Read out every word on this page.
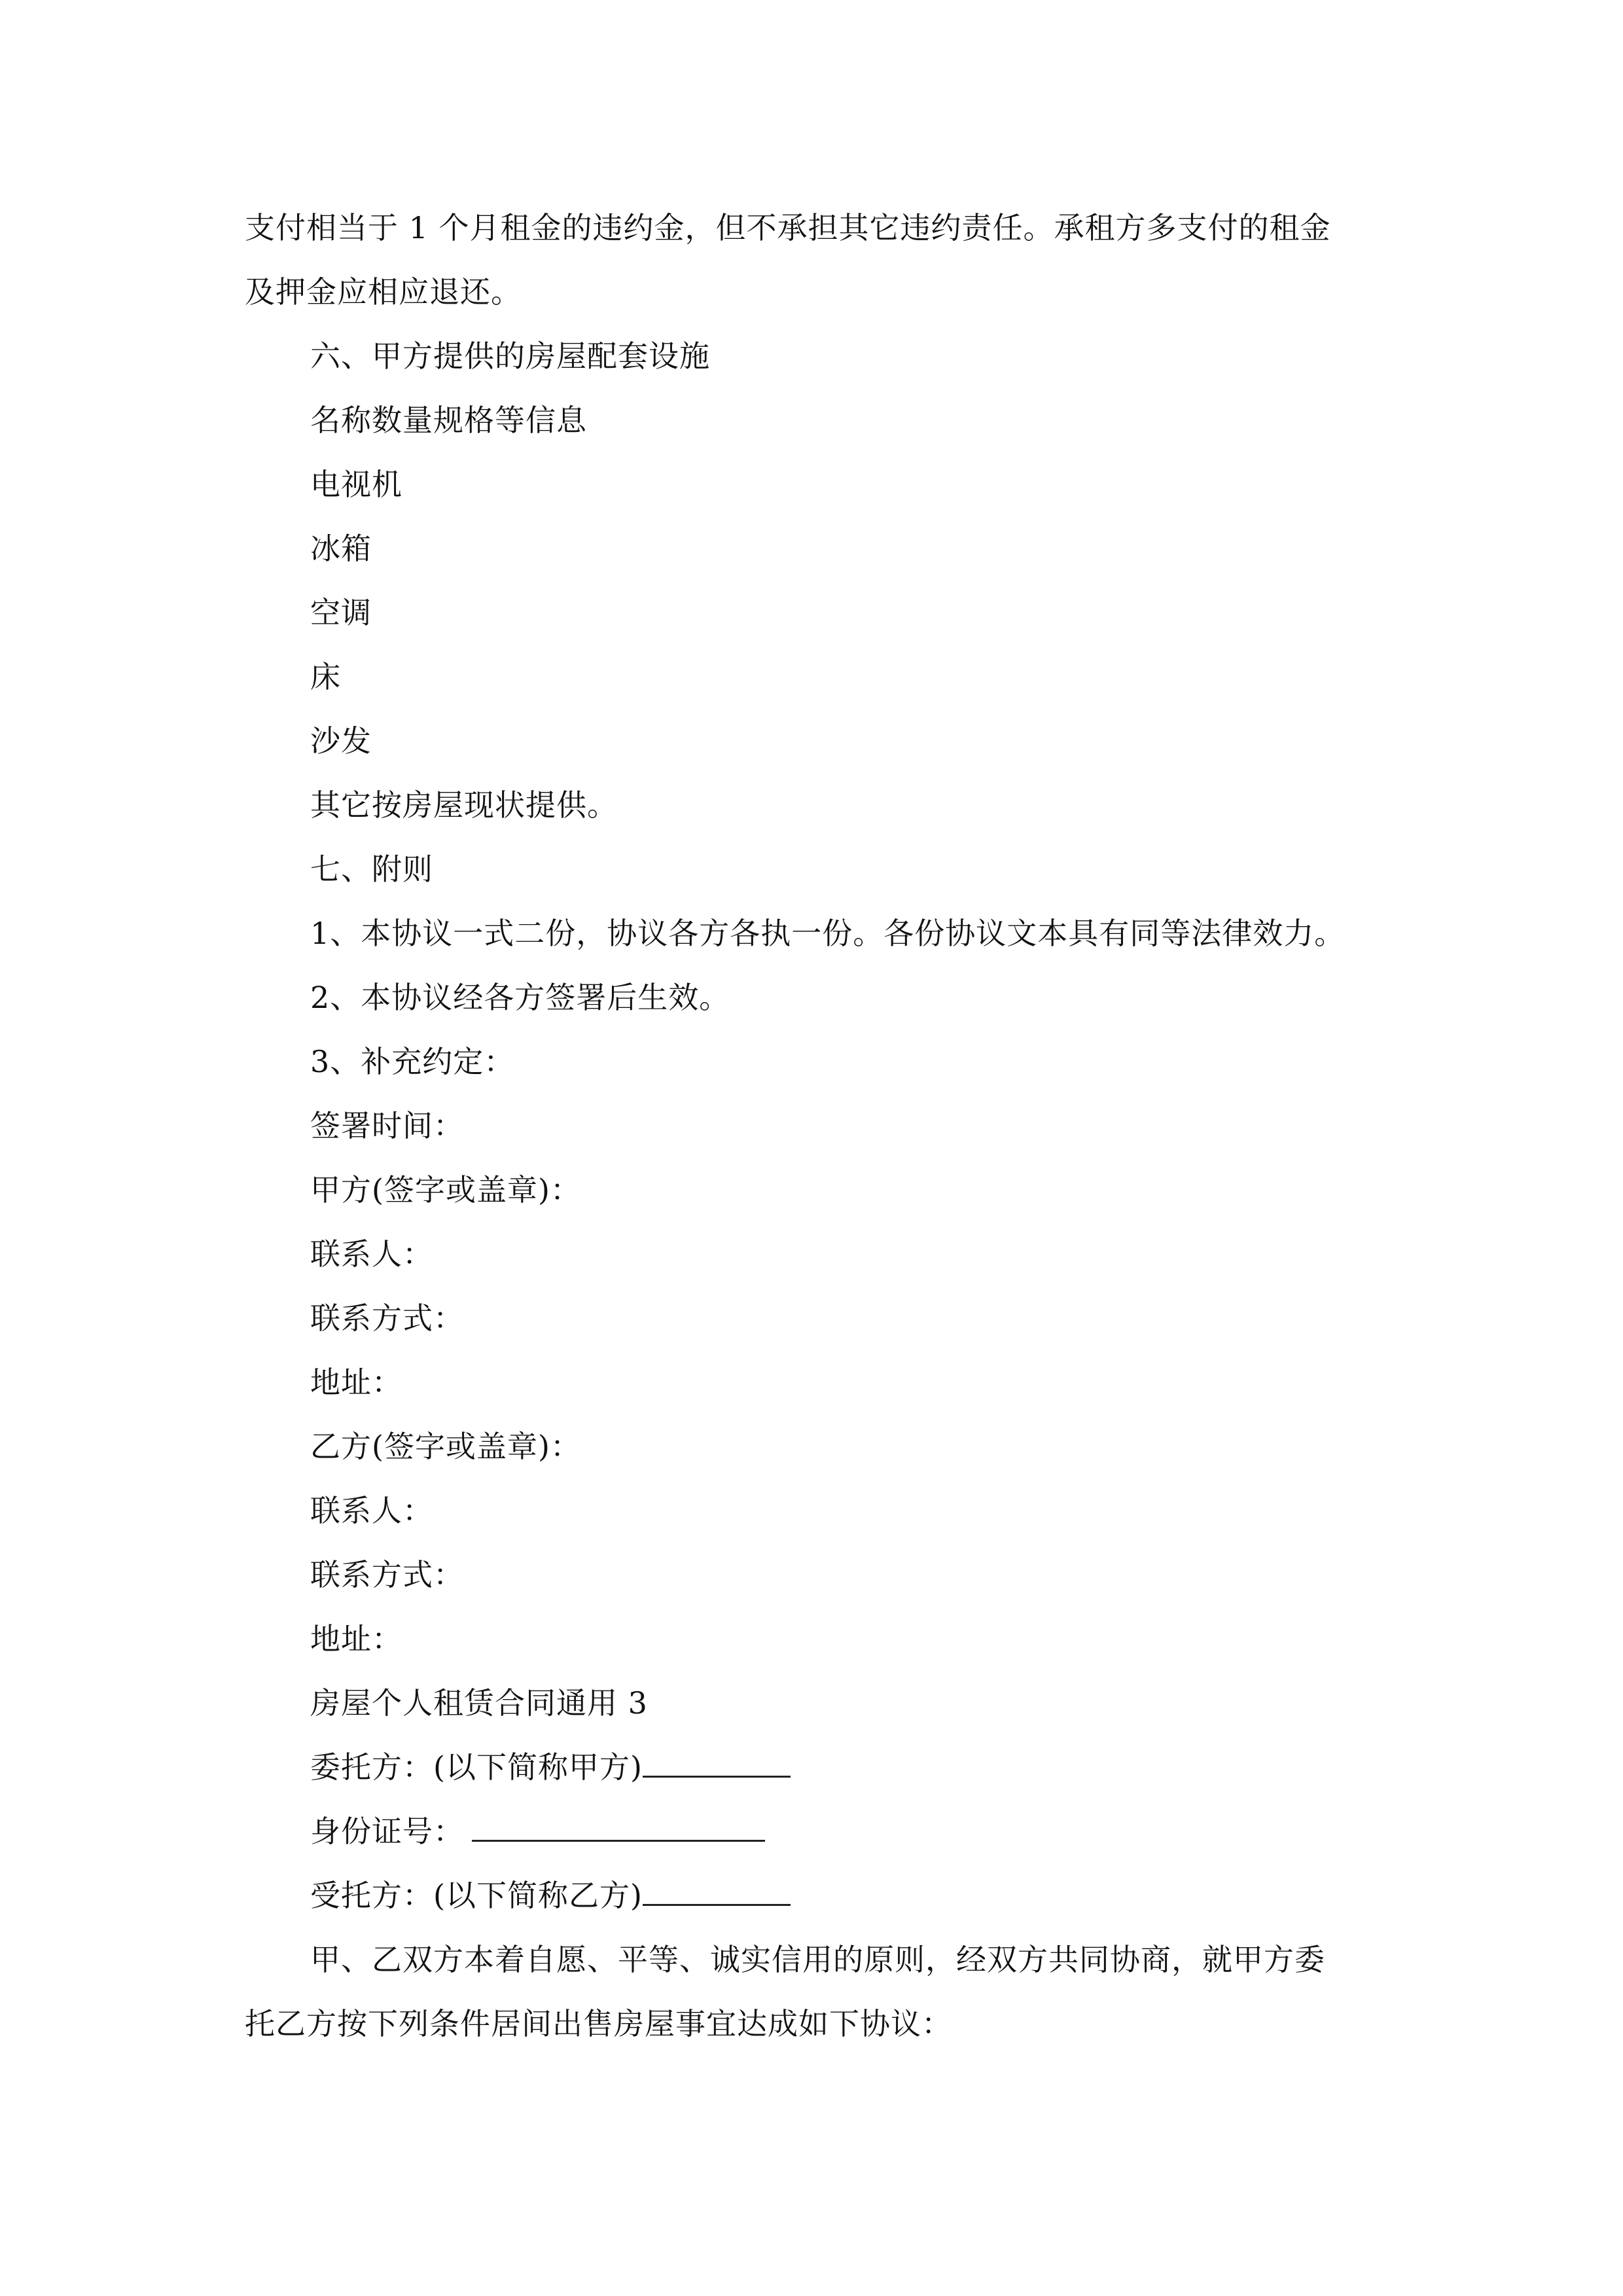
支付相当于 1 个月租金的违约金，但不承担其它违约责任。承租方多支付的租金
及押金应相应退还。
六、甲方提供的房屋配套设施
名称数量规格等信息
电视机
冰箱
空调
床
沙发
其它按房屋现状提供。
七、附则
1、本协议一式二份，协议各方各执一份。各份协议文本具有同等法律效力。
2、本协议经各方签署后生效。
3、补充约定：
签署时间：
甲方(签字或盖章)：
联系人：
联系方式：
地址：
乙方(签字或盖章)：
联系人：
联系方式：
地址：
房屋个人租赁合同通用 3
委托方：(以下简称甲方)
身份证号：
受托方：(以下简称乙方)
甲、乙双方本着自愿、平等、诚实信用的原则，经双方共同协商，就甲方委
托乙方按下列条件居间出售房屋事宜达成如下协议：
